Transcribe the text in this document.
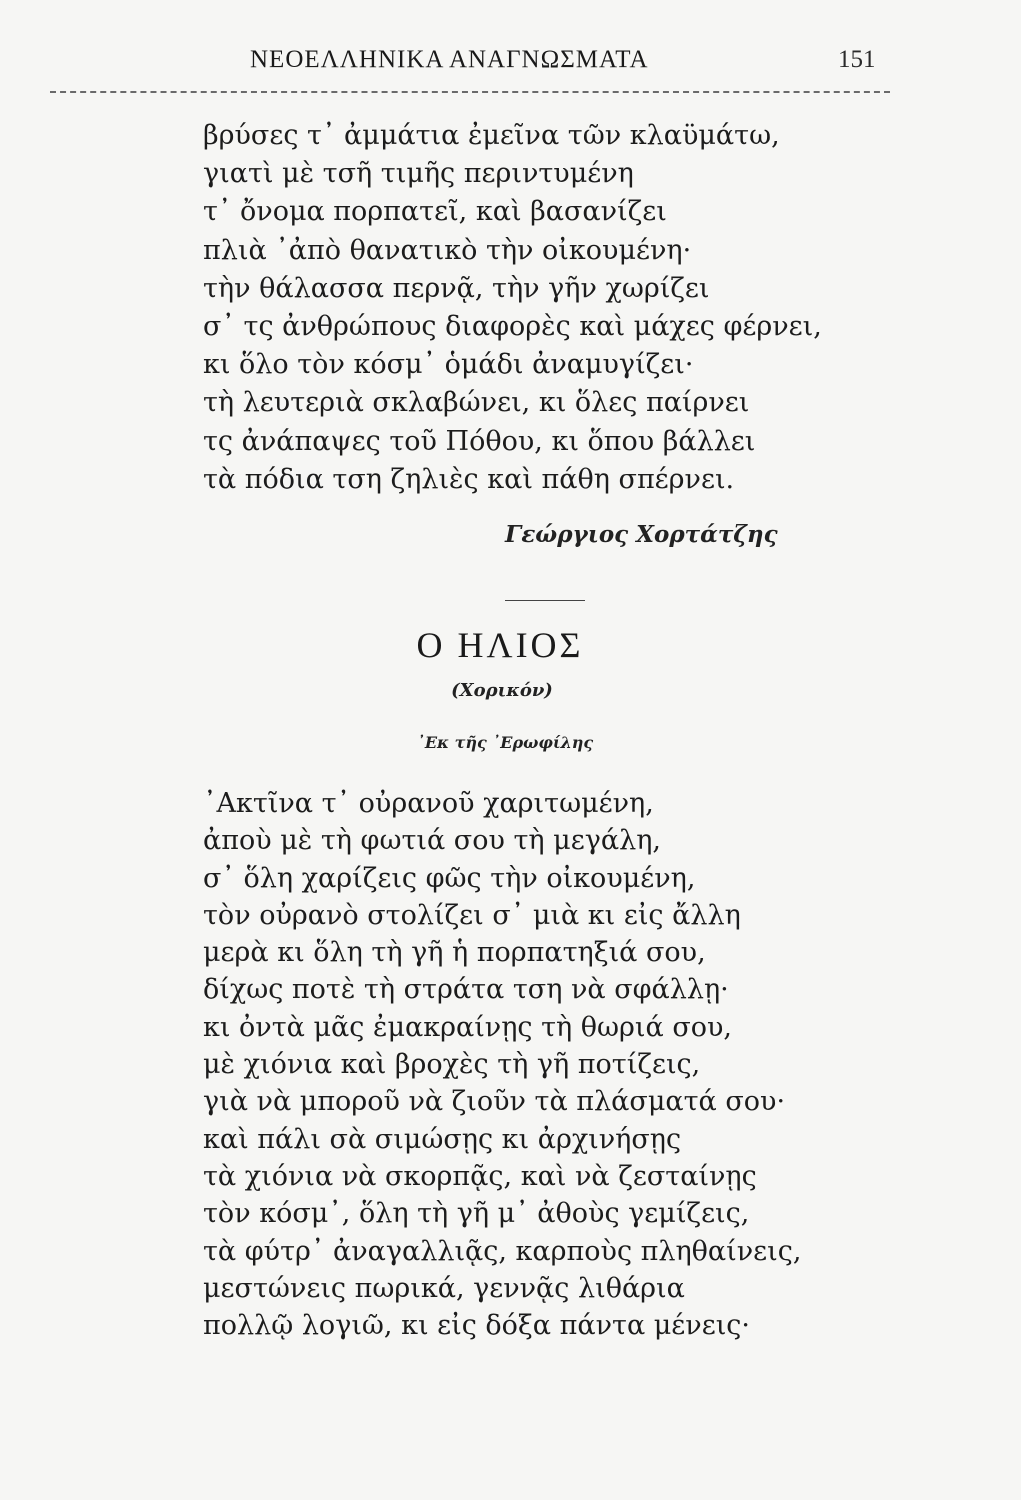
ΝΕΟΕΛΛΗΝΙΚΑ ΑΝΑΓΝΩΣΜΑΤΑ	151
βρύσες τ᾽ ἀμμάτια ἐμεῖνα τῶν κλαϋμάτω,
γιατὶ μὲ τσῆ τιμῆς περιντυμένη
τ᾽ ὄνομα πορπατεῖ, καὶ βασανίζει
πλιὰ ᾽ἀπὸ θανατικὸ τὴν οἰκουμένη·
τὴν θάλασσα περνᾷ, τὴν γῆν χωρίζει
σ᾽ τς ἀνθρώπους διαφορὲς καὶ μάχες φέρνει,
κι ὅλο τὸν κόσμ᾽ ὁμάδι ἀναμυγίζει·
τὴ λευτεριὰ σκλαβώνει, κι ὅλες παίρνει
τς ἀνάπαψες τοῦ Πόθου, κι ὅπου βάλλει
τὰ πόδια τση ζηλιὲς καὶ πάθη σπέρνει.
Γεώργιος Χορτάτζης
Ο ΗΛΙΟΣ
(Χορικόν)
᾽Εκ τῆς ᾽Ερωφίλης
᾽Ακτῖνα τ᾽ οὐρανοῦ χαριτωμένη,
ἀποὺ μὲ τὴ φωτιά σου τὴ μεγάλη,
σ᾽ ὅλη χαρίζεις φῶς τὴν οἰκουμένη,
τὸν οὐρανὸ στολίζει σ᾽ μιὰ κι εἰς ἄλλη
μερὰ κι ὅλη τὴ γῆ ἡ πορπατηξιά σου,
δίχως ποτὲ τὴ στράτα τση νὰ σφάλλῃ·
κι ὀντὰ μᾶς ἐμακραίνῃς τὴ θωριά σου,
μὲ χιόνια καὶ βροχὲς τὴ γῆ ποτίζεις,
γιὰ νὰ μποροῦ νὰ ζιοῦν τὰ πλάσματά σου·
καὶ πάλι σὰ σιμώσῃς κι ἀρχινήσῃς
τὰ χιόνια νὰ σκορπᾷς, καὶ νὰ ζεσταίνῃς
τὸν κόσμ᾽, ὅλη τὴ γῆ μ᾽ ἀθοὺς γεμίζεις,
τὰ φύτρ᾽ ἀναγαλλιᾷς, καρποὺς πληθαίνεις,
μεστώνεις πωρικά, γεννᾷς λιθάρια
πολλῷ λογιῶ, κι εἰς δόξα πάντα μένεις·
